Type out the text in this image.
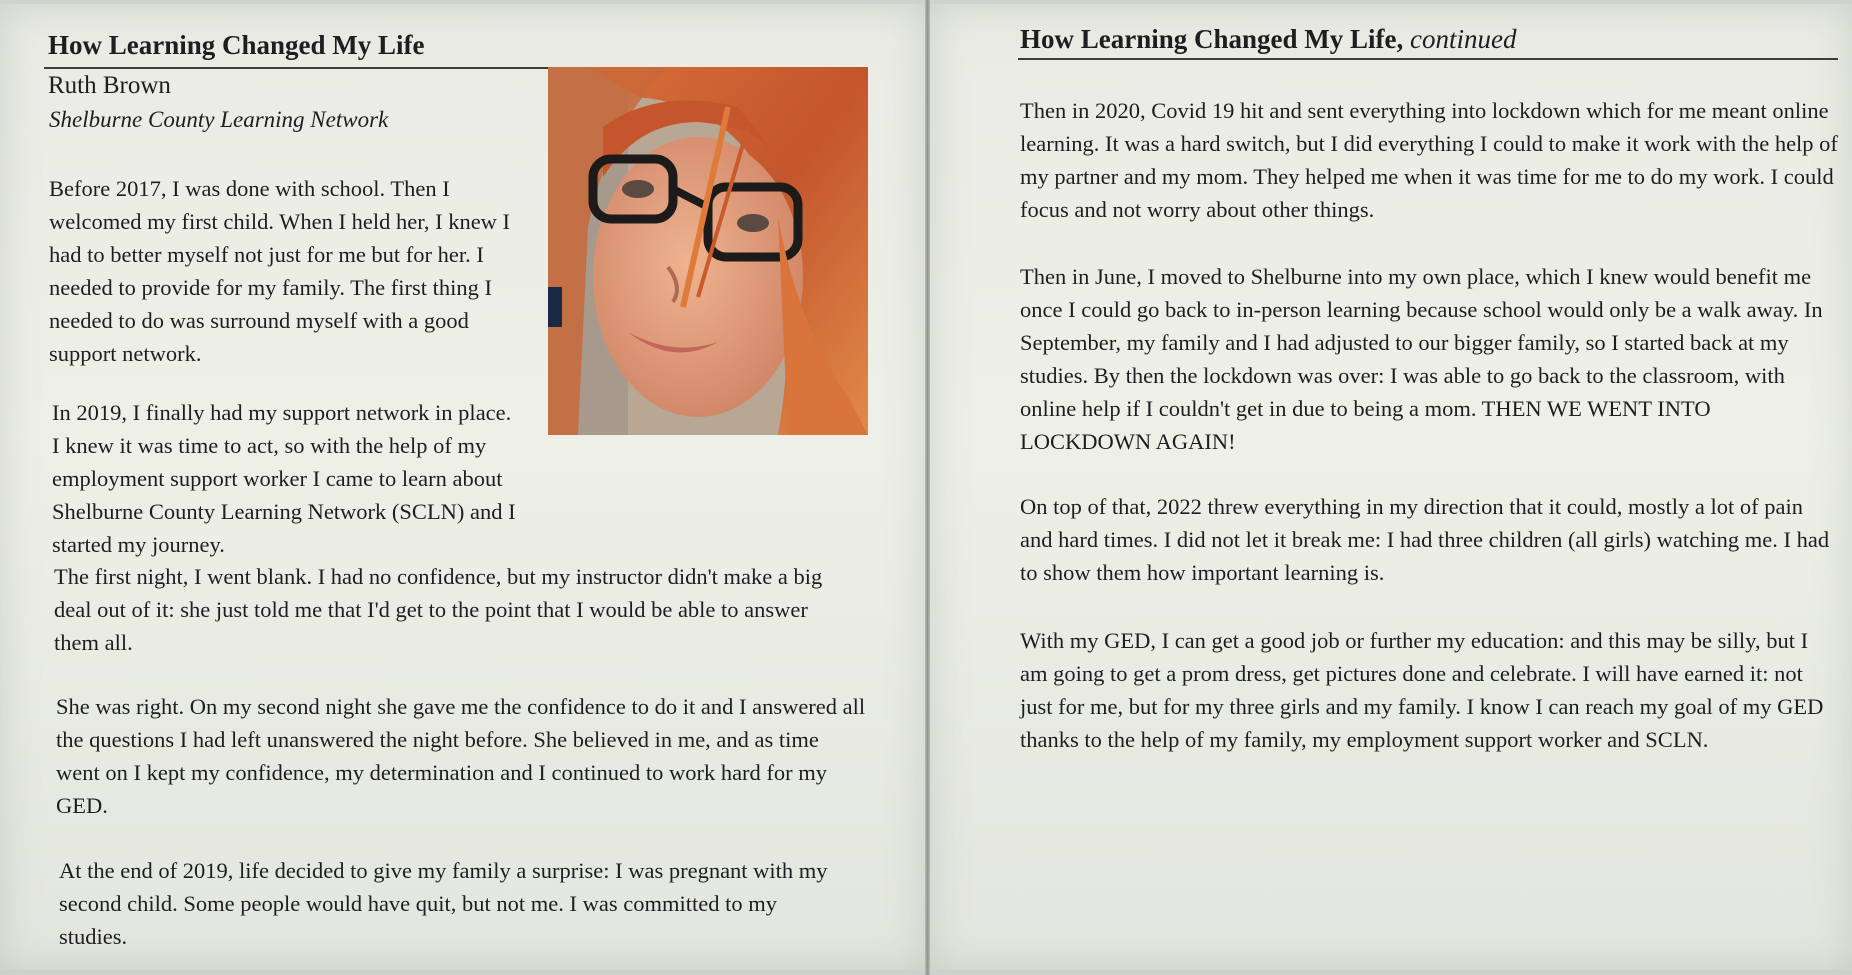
How Learning Changed My Life
Ruth Brown
Shelburne County Learning Network

Before 2017, I was done with school. Then I welcomed my first child. When I held her, I knew I had to better myself not just for me but for her. I needed to provide for my family. The first thing I needed to do was surround myself with a good support network.

In 2019, I finally had my support network in place. I knew it was time to act, so with the help of my employment support worker I came to learn about Shelburne County Learning Network (SCLN) and I started my journey.

The first night, I went blank. I had no confidence, but my instructor didn't make a big deal out of it: she just told me that I'd get to the point that I would be able to answer them all.

She was right. On my second night she gave me the confidence to do it and I answered all the questions I had left unanswered the night before. She believed in me, and as time went on I kept my confidence, my determination and I continued to work hard for my GED.

At the end of 2019, life decided to give my family a surprise: I was pregnant with my second child. Some people would have quit, but not me. I was committed to my studies.

How Learning Changed My Life, continued

Then in 2020, Covid 19 hit and sent everything into lockdown which for me meant online learning. It was a hard switch, but I did everything I could to make it work with the help of my partner and my mom. They helped me when it was time for me to do my work. I could focus and not worry about other things.

Then in June, I moved to Shelburne into my own place, which I knew would benefit me once I could go back to in-person learning because school would only be a walk away. In September, my family and I had adjusted to our bigger family, so I started back at my studies. By then the lockdown was over: I was able to go back to the classroom, with online help if I couldn't get in due to being a mom. THEN WE WENT INTO LOCKDOWN AGAIN!

On top of that, 2022 threw everything in my direction that it could, mostly a lot of pain and hard times. I did not let it break me: I had three children (all girls) watching me. I had to show them how important learning is.

With my GED, I can get a good job or further my education: and this may be silly, but I am going to get a prom dress, get pictures done and celebrate. I will have earned it: not just for me, but for my three girls and my family. I know I can reach my goal of my GED thanks to the help of my family, my employment support worker and SCLN.
